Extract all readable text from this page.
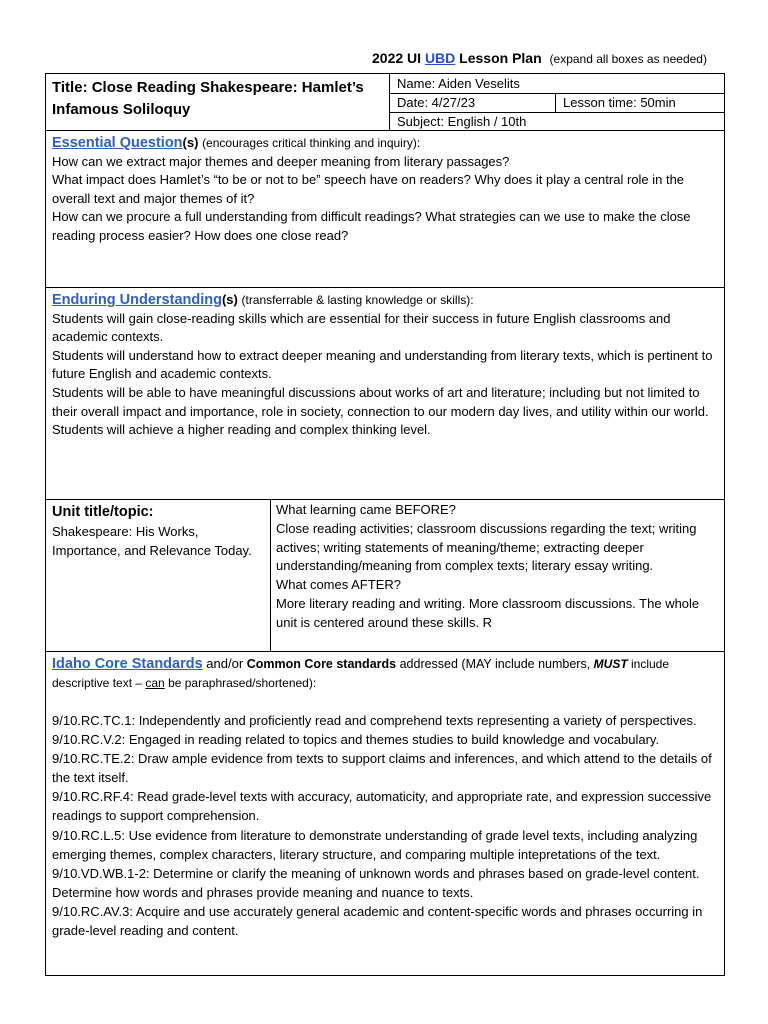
2022 UI UBD Lesson Plan (expand all boxes as needed)
Title: Close Reading Shakespeare: Hamlet’s Infamous Soliloquy
Name: Aiden Veselits
Date: 4/27/23	Lesson time: 50min
Subject: English / 10th
Essential Question(s) (encourages critical thinking and inquiry):
How can we extract major themes and deeper meaning from literary passages?
What impact does Hamlet’s “to be or not to be” speech have on readers? Why does it play a central role in the overall text and major themes of it?
How can we procure a full understanding from difficult readings? What strategies can we use to make the close reading process easier? How does one close read?
Enduring Understanding(s) (transferrable & lasting knowledge or skills):
Students will gain close-reading skills which are essential for their success in future English classrooms and academic contexts.
Students will understand how to extract deeper meaning and understanding from literary texts, which is pertinent to future English and academic contexts.
Students will be able to have meaningful discussions about works of art and literature; including but not limited to their overall impact and importance, role in society, connection to our modern day lives, and utility within our world.
Students will achieve a higher reading and complex thinking level.
Unit title/topic:
Shakespeare: His Works, Importance, and Relevance Today.
What learning came BEFORE?
Close reading activities; classroom discussions regarding the text; writing actives; writing statements of meaning/theme; extracting deeper understanding/meaning from complex texts; literary essay writing.
What comes AFTER?
More literary reading and writing. More classroom discussions. The whole unit is centered around these skills. R
Idaho Core Standards and/or Common Core standards addressed (MAY include numbers, MUST include descriptive text – can be paraphrased/shortened):
9/10.RC.TC.1: Independently and proficiently read and comprehend texts representing a variety of perspectives.
9/10.RC.V.2: Engaged in reading related to topics and themes studies to build knowledge and vocabulary.
9/10.RC.TE.2: Draw ample evidence from texts to support claims and inferences, and which attend to the details of the text itself.
9/10.RC.RF.4: Read grade-level texts with accuracy, automaticity, and appropriate rate, and expression successive readings to support comprehension.
9/10.RC.L.5: Use evidence from literature to demonstrate understanding of grade level texts, including analyzing emerging themes, complex characters, literary structure, and comparing multiple intepretations of the text.
9/10.VD.WB.1-2: Determine or clarify the meaning of unknown words and phrases based on grade-level content. Determine how words and phrases provide meaning and nuance to texts.
9/10.RC.AV.3: Acquire and use accurately general academic and content-specific words and phrases occurring in grade-level reading and content.
